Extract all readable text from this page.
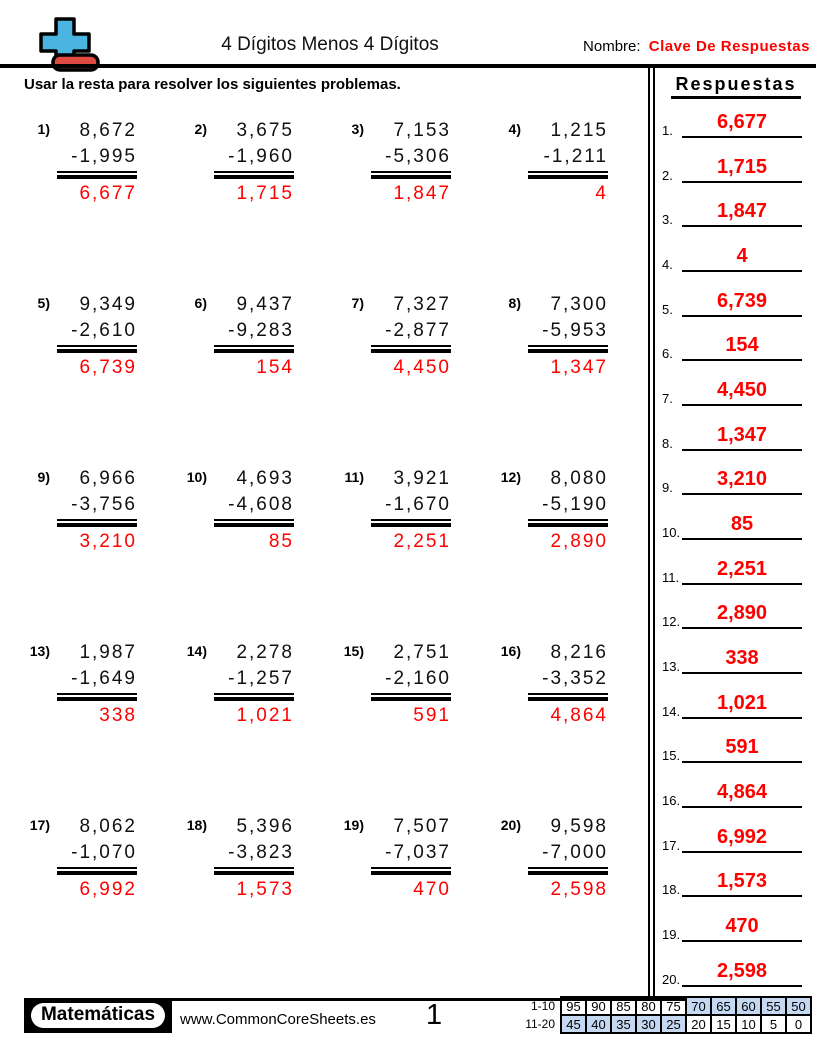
4 Dígitos Menos 4 Dígitos	Nombre: Clave De Respuestas
Usar la resta para resolver los siguientes problemas.
1)	8,672
-1,995
6,677
2)	3,675
-1,960
1,715
3)	7,153
-5,306
1,847
4)	1,215
-1,211
4
5)	9,349
-2,610
6,739
6)	9,437
-9,283
154
7)	7,327
-2,877
4,450
8)	7,300
-5,953
1,347
9)	6,966
-3,756
3,210
10)	4,693
-4,608
85
11)	3,921
-1,670
2,251
12)	8,080
-5,190
2,890
13)	1,987
-1,649
338
14)	2,278
-1,257
1,021
15)	2,751
-2,160
591
16)	8,216
-3,352
4,864
17)	8,062
-1,070
6,992
18)	5,396
-3,823
1,573
19)	7,507
-7,037
470
20)	9,598
-7,000
2,598
Respuestas
1.	6,677
2.	1,715
3.	1,847
4.	4
5.	6,739
6.	154
7.	4,450
8.	1,347
9.	3,210
10.	85
11.	2,251
12.	2,890
13.	338
14.	1,021
15.	591
16.	4,864
17.	6,992
18.	1,573
19.	470
20.	2,598
Matemáticas	www.CommonCoreSheets.es 1	1-10	95	90	85	80	75	70	65	60	55	50
11-20	45	40	35	30	25	20	15	10	5	0
